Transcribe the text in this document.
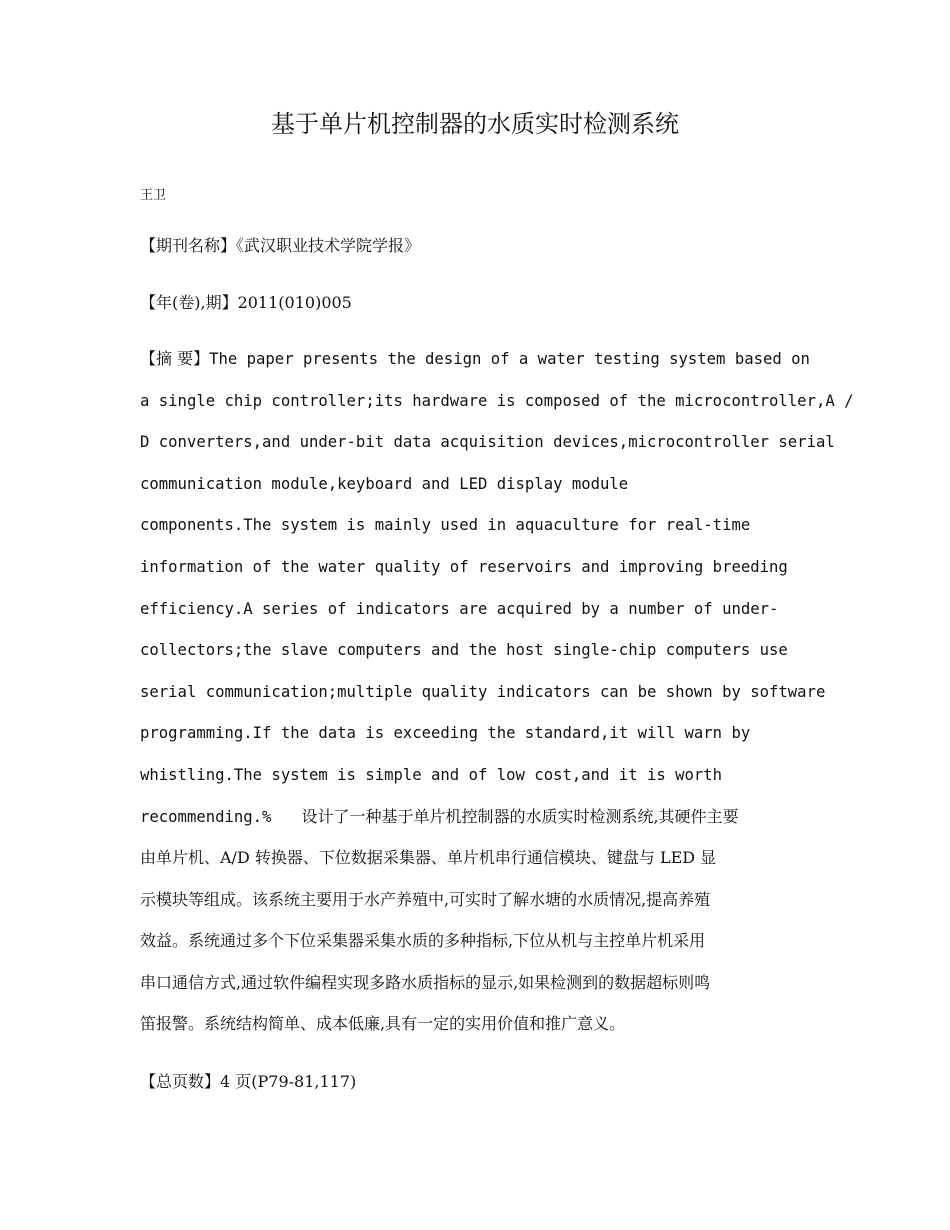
基于单片机控制器的水质实时检测系统
王卫
【期刊名称】《武汉职业技术学院学报》
【年(卷),期】2011(010)005
【摘 要】The paper presents the design of a water testing system based on
a single chip controller;its hardware is composed of the microcontroller,A /
D converters,and under-bit data acquisition devices,microcontroller serial
communication module,keyboard and LED display module
components.The system is mainly used in aquaculture for real-time
information of the water quality of reservoirs and improving breeding
efficiency.A series of indicators are acquired by a number of under-
collectors;the slave computers and the host single-chip computers use
serial communication;multiple quality indicators can be shown by software
programming.If the data is exceeding the standard,it will warn by
whistling.The system is simple and of low cost,and it is worth
recommending.% 设计了一种基于单片机控制器的水质实时检测系统,其硬件主要
由单片机、A/D 转换器、下位数据采集器、单片机串行通信模块、键盘与 LED 显
示模块等组成。该系统主要用于水产养殖中,可实时了解水塘的水质情况,提高养殖
效益。系统通过多个下位采集器采集水质的多种指标,下位从机与主控单片机采用
串口通信方式,通过软件编程实现多路水质指标的显示,如果检测到的数据超标则鸣
笛报警。系统结构简单、成本低廉,具有一定的实用价值和推广意义。
【总页数】4 页(P79-81,117)
